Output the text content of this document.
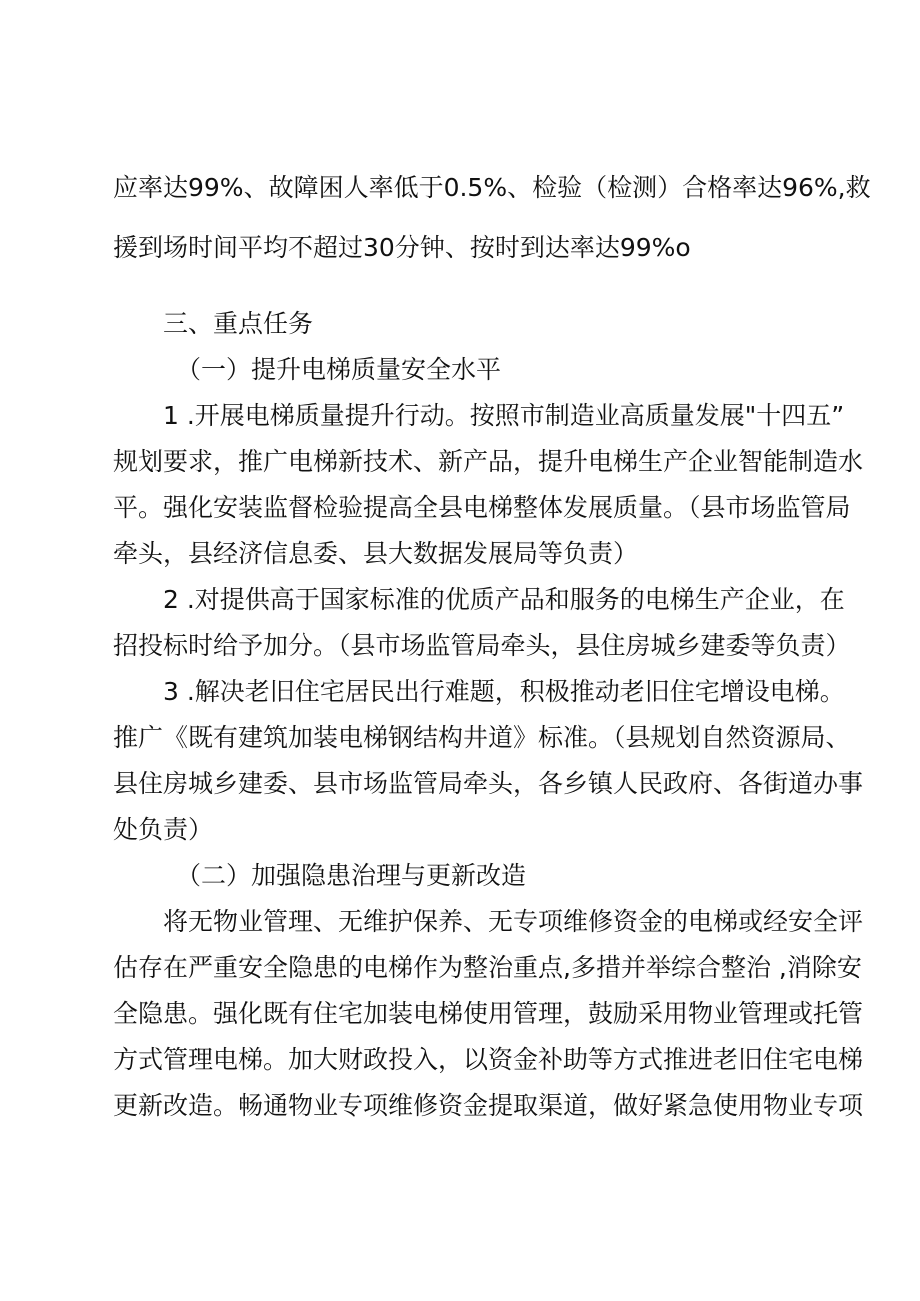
应率达99%、故障困人率低于0.5%、检验（检测）合格率达96%,救
援到场时间平均不超过30分钟、按时到达率达99%o
三、重点任务
（一）提升电梯质量安全水平
1 .开展电梯质量提升行动。按照市制造业高质量发展"十四五”
规划要求，推广电梯新技术、新产品，提升电梯生产企业智能制造水
平。强化安装监督检验提高全县电梯整体发展质量。（县市场监管局
牵头，县经济信息委、县大数据发展局等负责）
2 .对提供高于国家标准的优质产品和服务的电梯生产企业，在
招投标时给予加分。（县市场监管局牵头，县住房城乡建委等负责）
3 .解决老旧住宅居民出行难题，积极推动老旧住宅增设电梯。
推广《既有建筑加装电梯钢结构井道》标准。（县规划自然资源局、
县住房城乡建委、县市场监管局牵头，各乡镇人民政府、各街道办事
处负责）
（二）加强隐患治理与更新改造
将无物业管理、无维护保养、无专项维修资金的电梯或经安全评
估存在严重安全隐患的电梯作为整治重点,多措并举综合整治 ,消除安
全隐患。强化既有住宅加装电梯使用管理，鼓励采用物业管理或托管
方式管理电梯。加大财政投入，以资金补助等方式推进老旧住宅电梯
更新改造。畅通物业专项维修资金提取渠道，做好紧急使用物业专项
